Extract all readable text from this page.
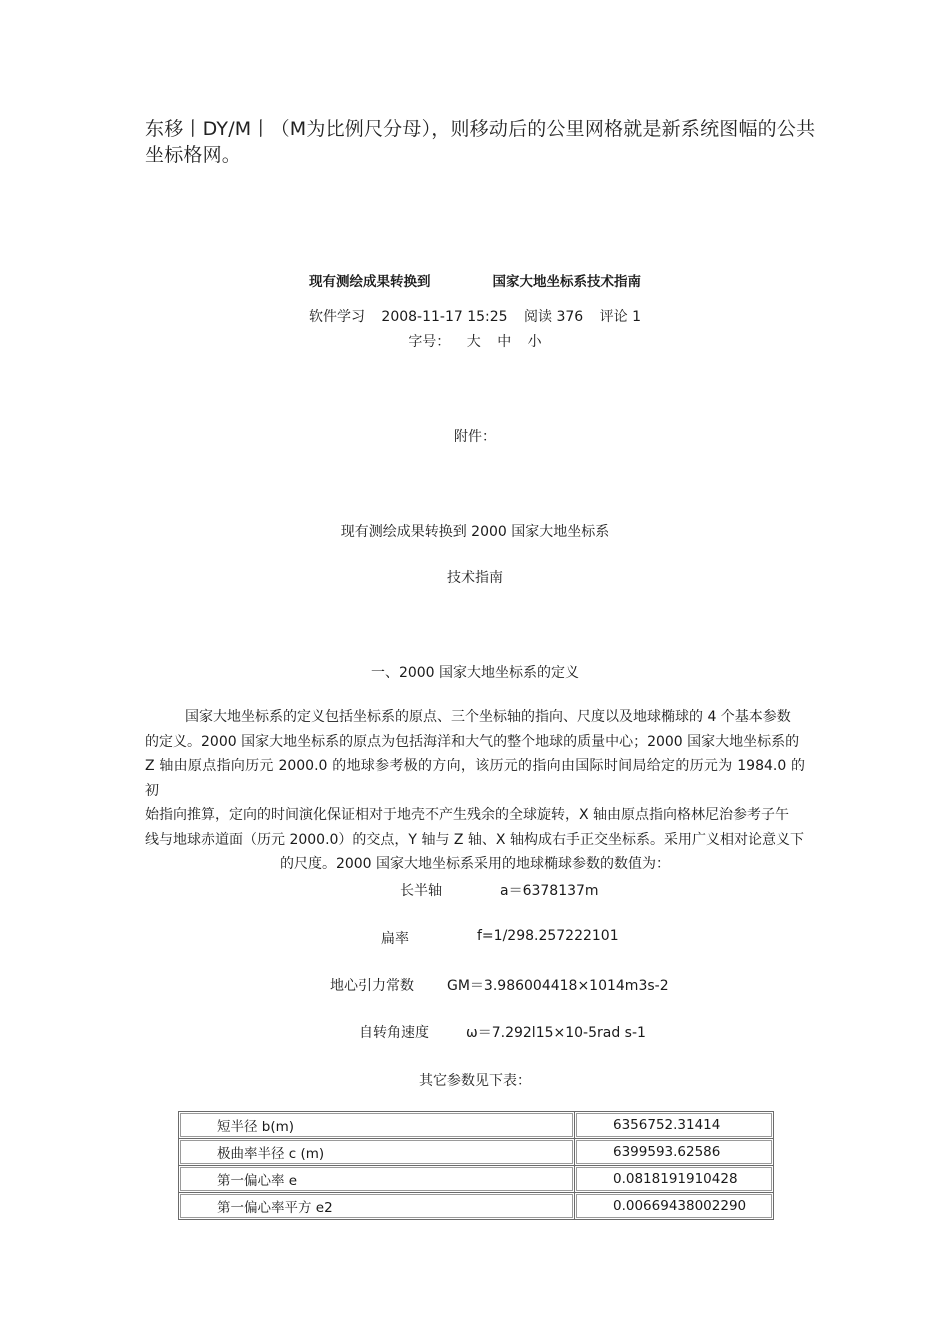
东移丨DY/M丨（M为比例尺分母），则移动后的公里网格就是新系统图幅的公共
坐标格网。
现有测绘成果转换到	国家大地坐标系技术指南
软件学习 2008-11-17 15:25 阅读 376 评论 1
字号： 大 中 小
附件：
现有测绘成果转换到 2000 国家大地坐标系
技术指南
一、2000 国家大地坐标系的定义

国家大地坐标系的定义包括坐标系的原点、三个坐标轴的指向、尺度以及地球椭球的 4 个基本参数

的定义。2000 国家大地坐标系的原点为包括海洋和大气的整个地球的质量中心；2000 国家大地坐标系的

Z 轴由原点指向历元 2000.0 的地球参考极的方向，该历元的指向由国际时间局给定的历元为 1984.0 的初

始指向推算，定向的时间演化保证相对于地壳不产生残余的全球旋转，X 轴由原点指向格林尼治参考子午

线与地球赤道面（历元 2000.0）的交点，Y 轴与 Z 轴、X 轴构成右手正交坐标系。采用广义相对论意义下

的尺度。2000 国家大地坐标系采用的地球椭球参数的数值为：

长半轴	a＝6378137m
扁率	f=1/298.257222101
地心引力常数 GM＝3.986004418×1014m3s-2
自转角速度	ω＝7.292l15×10-5rad s-1
其它参数见下表：
短半径 b(m)	6356752.31414
极曲率半径 c (m)	6399593.62586
第一偏心率 e	0.0818191910428
第一偏心率平方 e2	0.00669438002290
